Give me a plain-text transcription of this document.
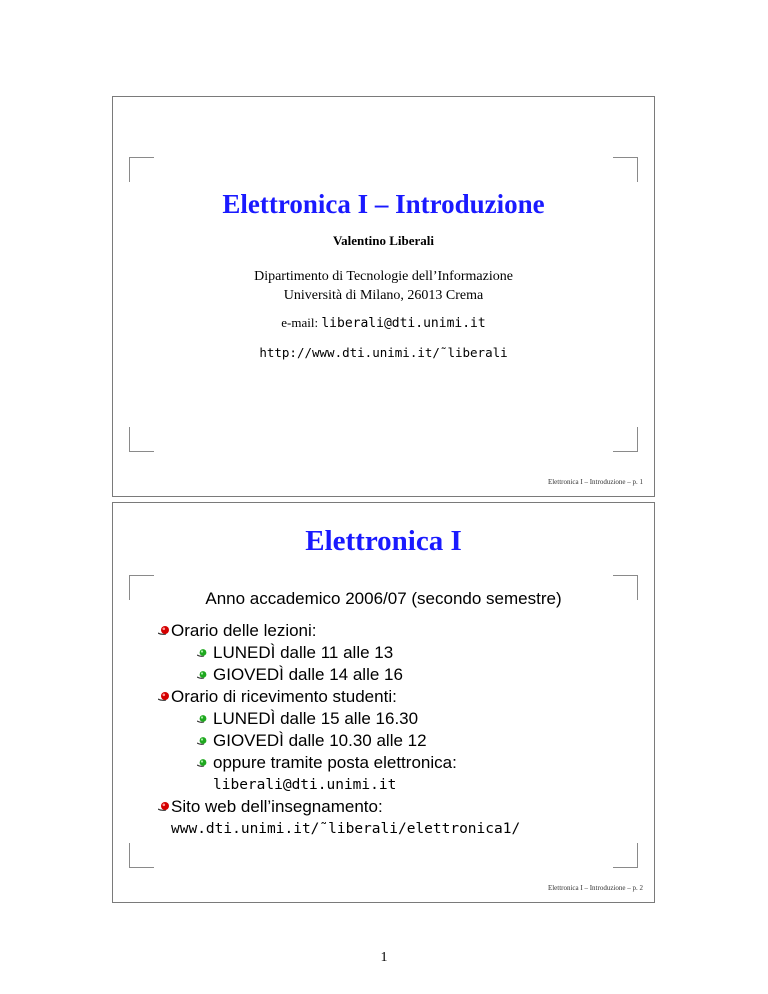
Elettronica I – Introduzione
Valentino Liberali
Dipartimento di Tecnologie dell’Informazione
Università di Milano, 26013 Crema
e-mail: liberali@dti.unimi.it
http://www.dti.unimi.it/˜liberali
Elettronica I – Introduzione – p. 1
Elettronica I
Anno accademico 2006/07 (secondo semestre)
Orario delle lezioni:
LUNEDÌ dalle 11 alle 13
GIOVEDÌ dalle 14 alle 16
Orario di ricevimento studenti:
LUNEDÌ dalle 15 alle 16.30
GIOVEDÌ dalle 10.30 alle 12
oppure tramite posta elettronica:
liberali@dti.unimi.it
Sito web dell’insegnamento:
www.dti.unimi.it/˜liberali/elettronica1/
Elettronica I – Introduzione – p. 2
1
